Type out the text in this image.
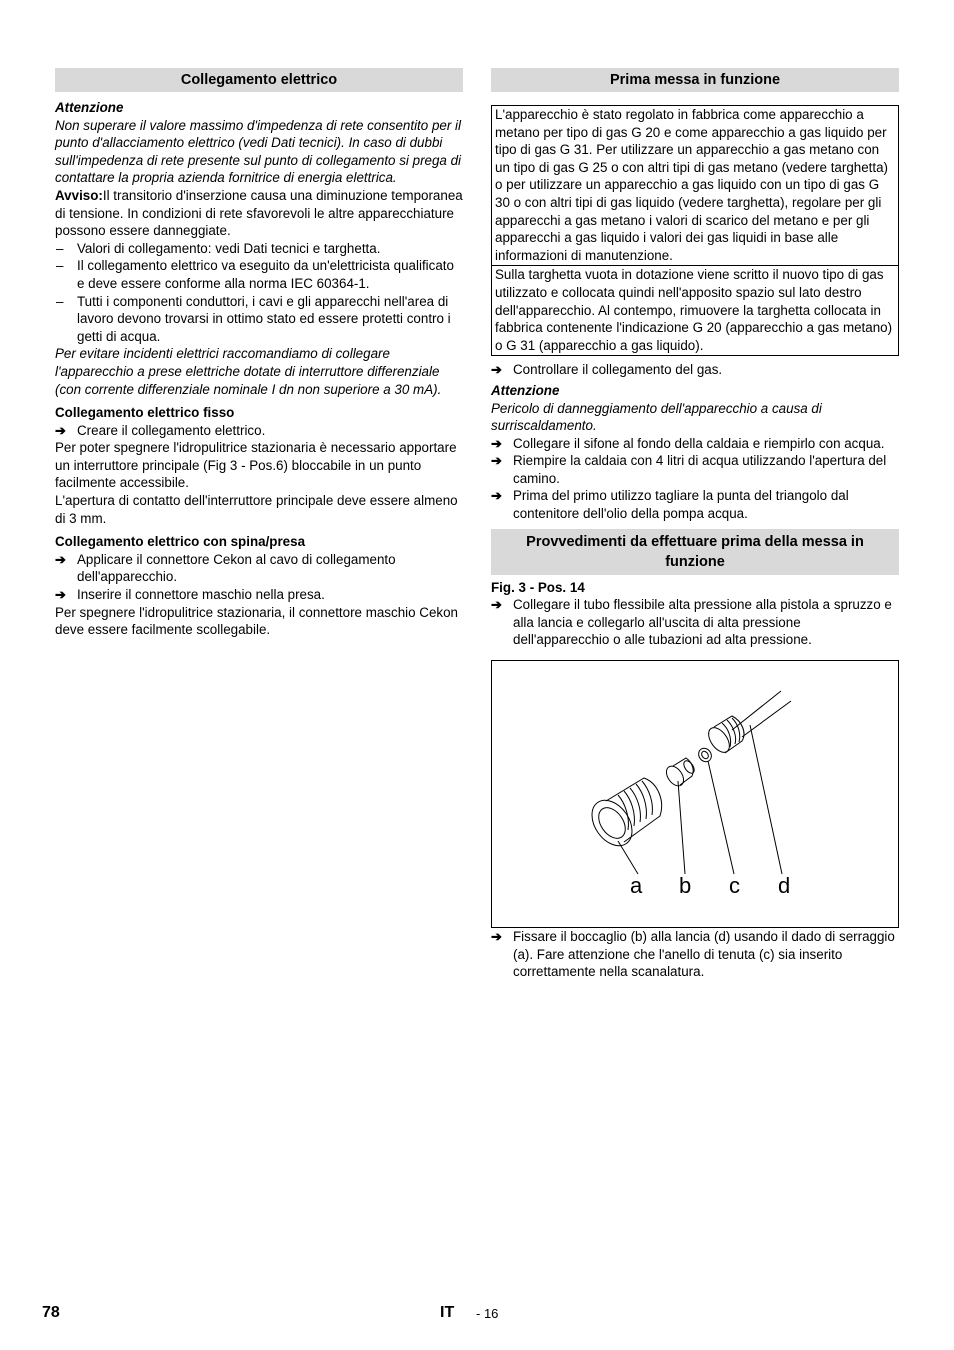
Collegamento elettrico

Attenzione

Non superare il valore massimo d'impedenza di rete consentito per il punto d'allacciamento elettrico (vedi Dati tecnici). In caso di dubbi sull'impedenza di rete presente sul punto di collegamento si prega di contattare la propria azienda fornitrice di energia elettrica.

Avviso:Il transitorio d'inserzione causa una diminuzione temporanea di tensione. In condizioni di rete sfavorevoli le altre apparecchiature possono essere danneggiate.

– Valori di collegamento: vedi Dati tecnici e targhetta.

– Il collegamento elettrico va eseguito da un'elettricista qualificato e deve essere conforme alla norma IEC 60364-1.

– Tutti i componenti conduttori, i cavi e gli apparecchi nell'area di lavoro devono trovarsi in ottimo stato ed essere protetti contro i getti di acqua.

Per evitare incidenti elettrici raccomandiamo di collegare l'apparecchio a prese elettriche dotate di interruttore differenziale (con corrente differenziale nominale I dn non superiore a 30 mA).

Collegamento elettrico fisso

➔ Creare il collegamento elettrico.

Per poter spegnere l'idropulitrice stazionaria è necessario apportare un interruttore principale (Fig 3 - Pos.6) bloccabile in un punto facilmente accessibile.

L'apertura di contatto dell'interruttore principale deve essere almeno di 3 mm.

Collegamento elettrico con spina/presa

➔ Applicare il connettore Cekon al cavo di collegamento dell'apparecchio.

➔ Inserire il connettore maschio nella presa.

Per spegnere l'idropulitrice stazionaria, il connettore maschio Cekon deve essere facilmente scollegabile.

Prima messa in funzione

L'apparecchio è stato regolato in fabbrica come apparecchio a metano per tipo di gas G 20 e come apparecchio a gas liquido per tipo di gas G 31. Per utilizzare un apparecchio a gas metano con un tipo di gas G 25 o con altri tipi di gas metano (vedere targhetta) o per utilizzare un apparecchio a gas liquido con un tipo di gas G 30 o con altri tipi di gas liquido (vedere targhetta), regolare per gli apparecchi a gas metano i valori di scarico del metano e per gli apparecchi a gas liquido i valori dei gas liquidi in base alle informazioni di manutenzione.

Sulla targhetta vuota in dotazione viene scritto il nuovo tipo di gas utilizzato e collocata quindi nell'apposito spazio sul lato destro dell'apparecchio. Al contempo, rimuovere la targhetta collocata in fabbrica contenente l'indicazione G 20 (apparecchio a gas metano) o G 31 (apparecchio a gas liquido).

➔ Controllare il collegamento del gas.

Attenzione

Pericolo di danneggiamento dell'apparecchio a causa di surriscaldamento.

➔ Collegare il sifone al fondo della caldaia e riempirlo con acqua.

➔ Riempire la caldaia con 4 litri di acqua utilizzando l'apertura del camino.

➔ Prima del primo utilizzo tagliare la punta del triangolo dal contenitore dell'olio della pompa acqua.

Provvedimenti da effettuare prima della messa in funzione

Fig. 3 - Pos. 14

➔ Collegare il tubo flessibile alta pressione alla pistola a spruzzo e alla lancia e collegarlo all'uscita di alta pressione dell'apparecchio o alle tubazioni ad alta pressione.

a b c d

➔ Fissare il boccaglio (b) alla lancia (d) usando il dado di serraggio (a). Fare attenzione che l'anello di tenuta (c) sia inserito correttamente nella scanalatura.

78	IT - 16
